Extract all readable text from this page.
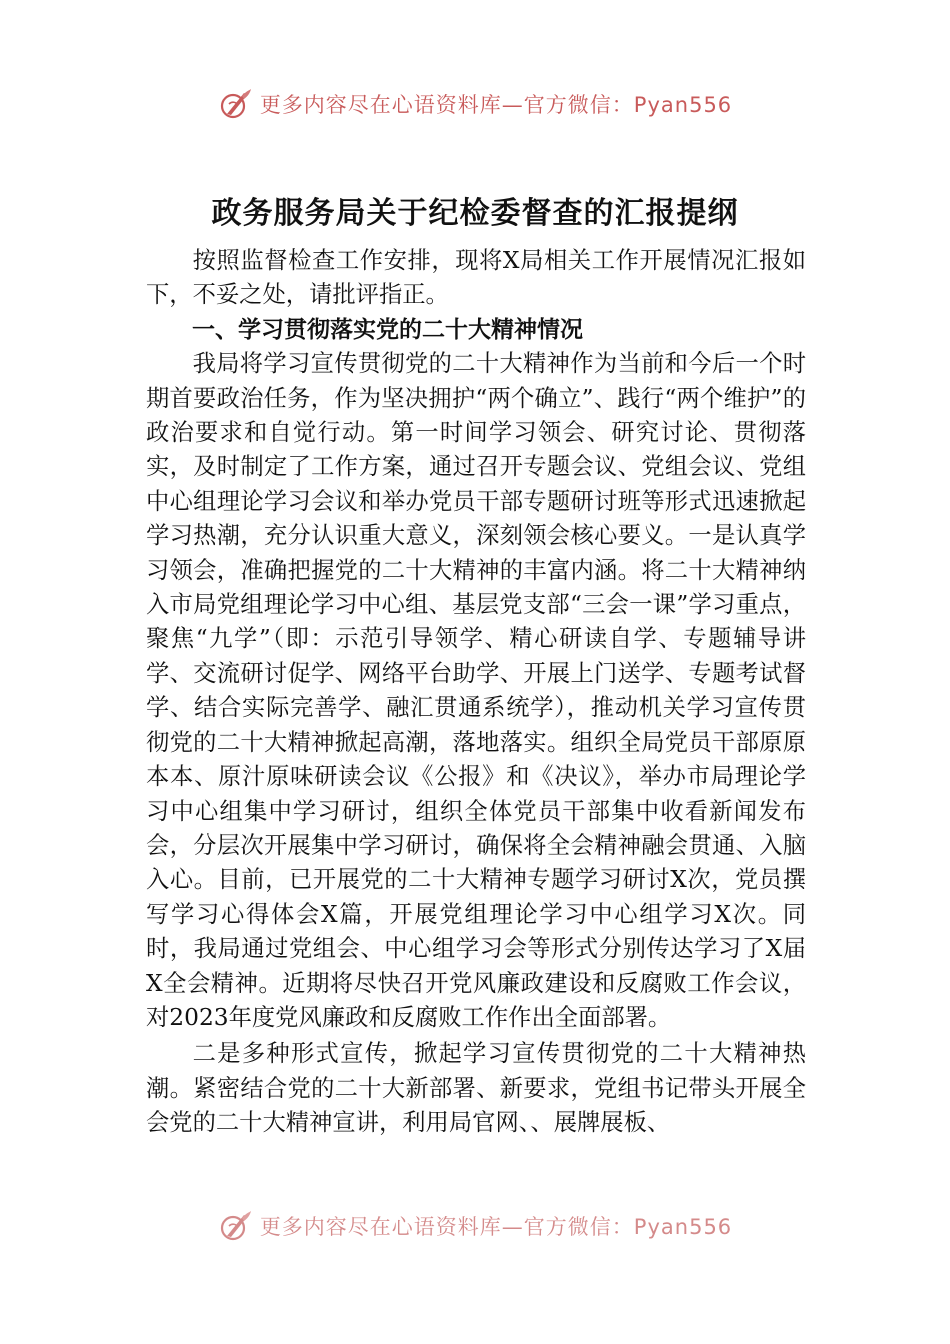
更多内容尽在心语资料库—官方微信：Pyan556
政务服务局关于纪检委督查的汇报提纲

按照监督检查工作安排，现将X局相关工作开展情况汇报如下，不妥之处，请批评指正。

一、学习贯彻落实党的二十大精神情况

我局将学习宣传贯彻党的二十大精神作为当前和今后一个时期首要政治任务，作为坚决拥护“两个确立”、践行“两个维护”的政治要求和自觉行动。第一时间学习领会、研究讨论、贯彻落实，及时制定了工作方案，通过召开专题会议、党组会议、党组中心组理论学习会议和举办党员干部专题研讨班等形式迅速掀起学习热潮，充分认识重大意义，深刻领会核心要义。一是认真学习领会，准确把握党的二十大精神的丰富内涵。将二十大精神纳入市局党组理论学习中心组、基层党支部“三会一课”学习重点，聚焦“九学”（即：示范引导领学、精心研读自学、专题辅导讲学、交流研讨促学、网络平台助学、开展上门送学、专题考试督学、结合实际完善学、融汇贯通系统学），推动机关学习宣传贯彻党的二十大精神掀起高潮，落地落实。组织全局党员干部原原本本、原汁原味研读会议《公报》和《决议》，举办市局理论学习中心组集中学习研讨，组织全体党员干部集中收看新闻发布会，分层次开展集中学习研讨，确保将全会精神融会贯通、入脑入心。目前，已开展党的二十大精神专题学习研讨X次，党员撰写学习心得体会X篇，开展党组理论学习中心组学习X次。同时，我局通过党组会、中心组学习会等形式分别传达学习了X届X全会精神。近期将尽快召开党风廉政建设和反腐败工作会议，对2023年度党风廉政和反腐败工作作出全面部署。

二是多种形式宣传，掀起学习宣传贯彻党的二十大精神热潮。紧密结合党的二十大新部署、新要求，党组书记带头开展全会党的二十大精神宣讲，利用局官网、、展牌展板、

更多内容尽在心语资料库—官方微信：Pyan556
